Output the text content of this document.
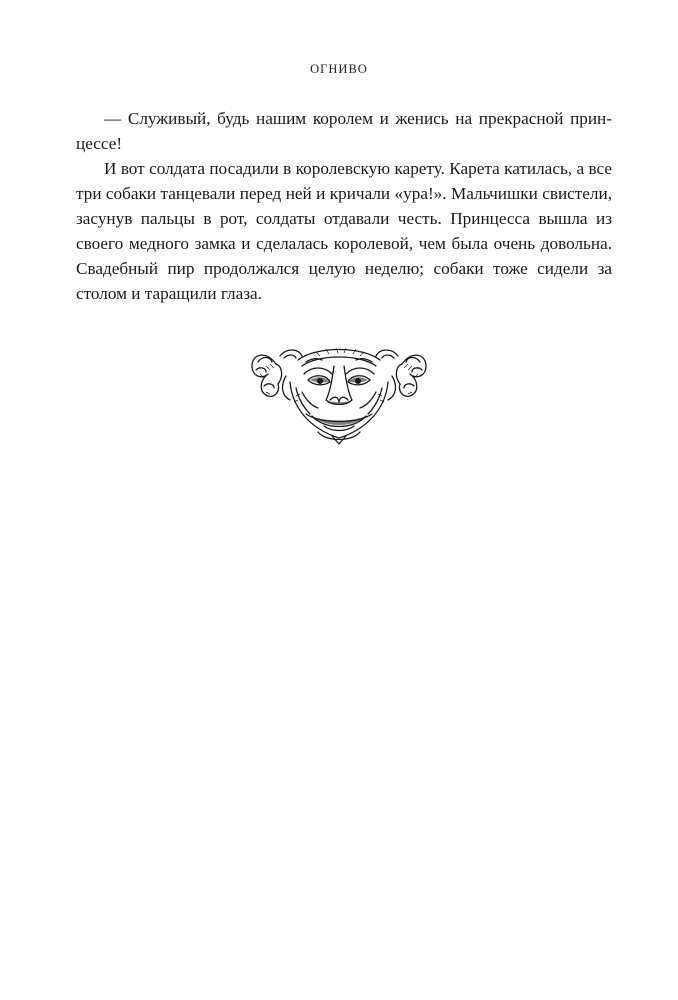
ОГНИВО

— Служивый, будь нашим королем и женись на прекрасной принцессе!

И вот солдата посадили в королевскую карету. Карета катилась, а все три собаки танцевали перед ней и кричали «ура!». Мальчишки свистели, засунув пальцы в рот, солдаты отдавали честь. Принцесса вышла из своего медного замка и сделалась королевой, чем была очень довольна. Свадебный пир продолжался целую неделю; собаки тоже сидели за столом и таращили глаза.
